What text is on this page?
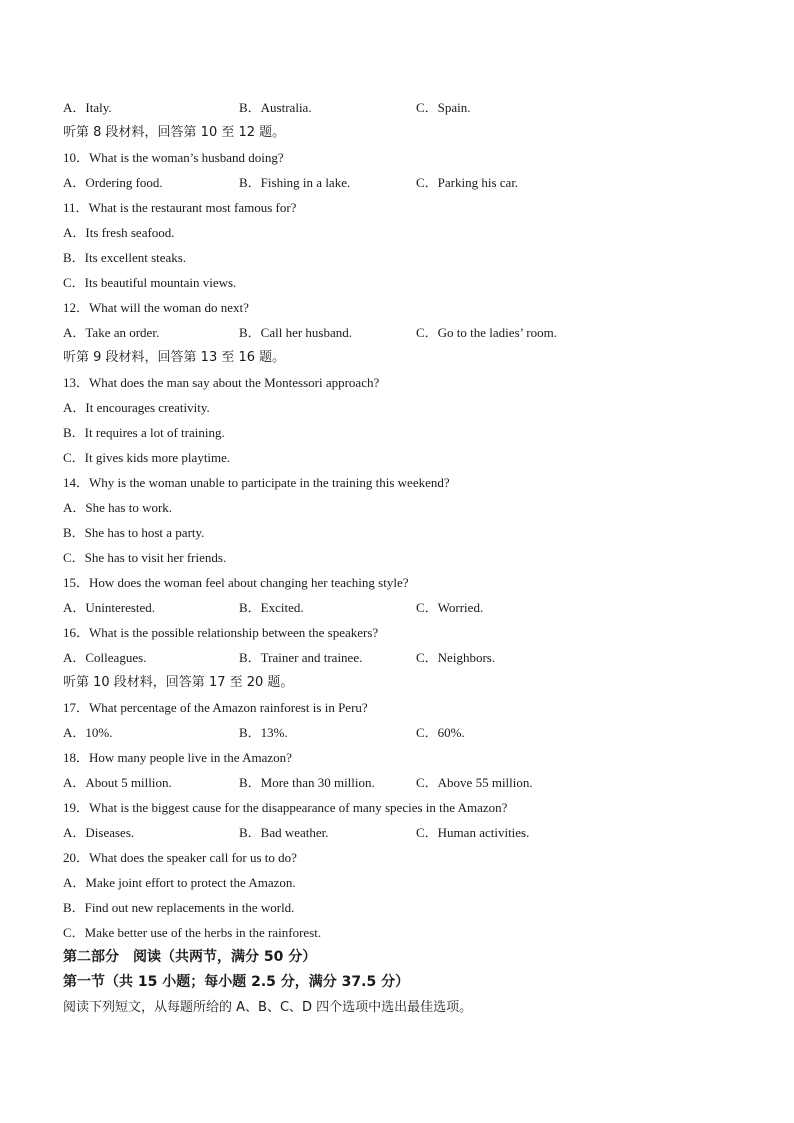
A．Italy.	B．Australia.	C．Spain.
听第 8 段材料，回答第 10 至 12 题。
10．What is the woman’s husband doing?
A．Ordering food.	B．Fishing in a lake.	C．Parking his car.
11．What is the restaurant most famous for?
A．Its fresh seafood.
B．Its excellent steaks.
C．Its beautiful mountain views.
12．What will the woman do next?
A．Take an order.	B．Call her husband.	C．Go to the ladies’ room.
听第 9 段材料，回答第 13 至 16 题。
13．What does the man say about the Montessori approach?
A．It encourages creativity.
B．It requires a lot of training.
C．It gives kids more playtime.
14．Why is the woman unable to participate in the training this weekend?
A．She has to work.
B．She has to host a party.
C．She has to visit her friends.
15．How does the woman feel about changing her teaching style?
A．Uninterested.	B．Excited.	C．Worried.
16．What is the possible relationship between the speakers?
A．Colleagues.	B．Trainer and trainee.	C．Neighbors.
听第 10 段材料，回答第 17 至 20 题。
17．What percentage of the Amazon rainforest is in Peru?
A．10%.	B．13%.	C．60%.
18．How many people live in the Amazon?
A．About 5 million.	B．More than 30 million.	C．Above 55 million.
19．What is the biggest cause for the disappearance of many species in the Amazon?
A．Diseases.	B．Bad weather.	C．Human activities.
20．What does the speaker call for us to do?
A．Make joint effort to protect the Amazon.
B．Find out new replacements in the world.
C．Make better use of the herbs in the rainforest.
第二部分　阅读（共两节，满分 50 分）
第一节（共 15 小题；每小题 2.5 分，满分 37.5 分）
阅读下列短文，从每题所给的 A、B、C、D 四个选项中选出最佳选项。
